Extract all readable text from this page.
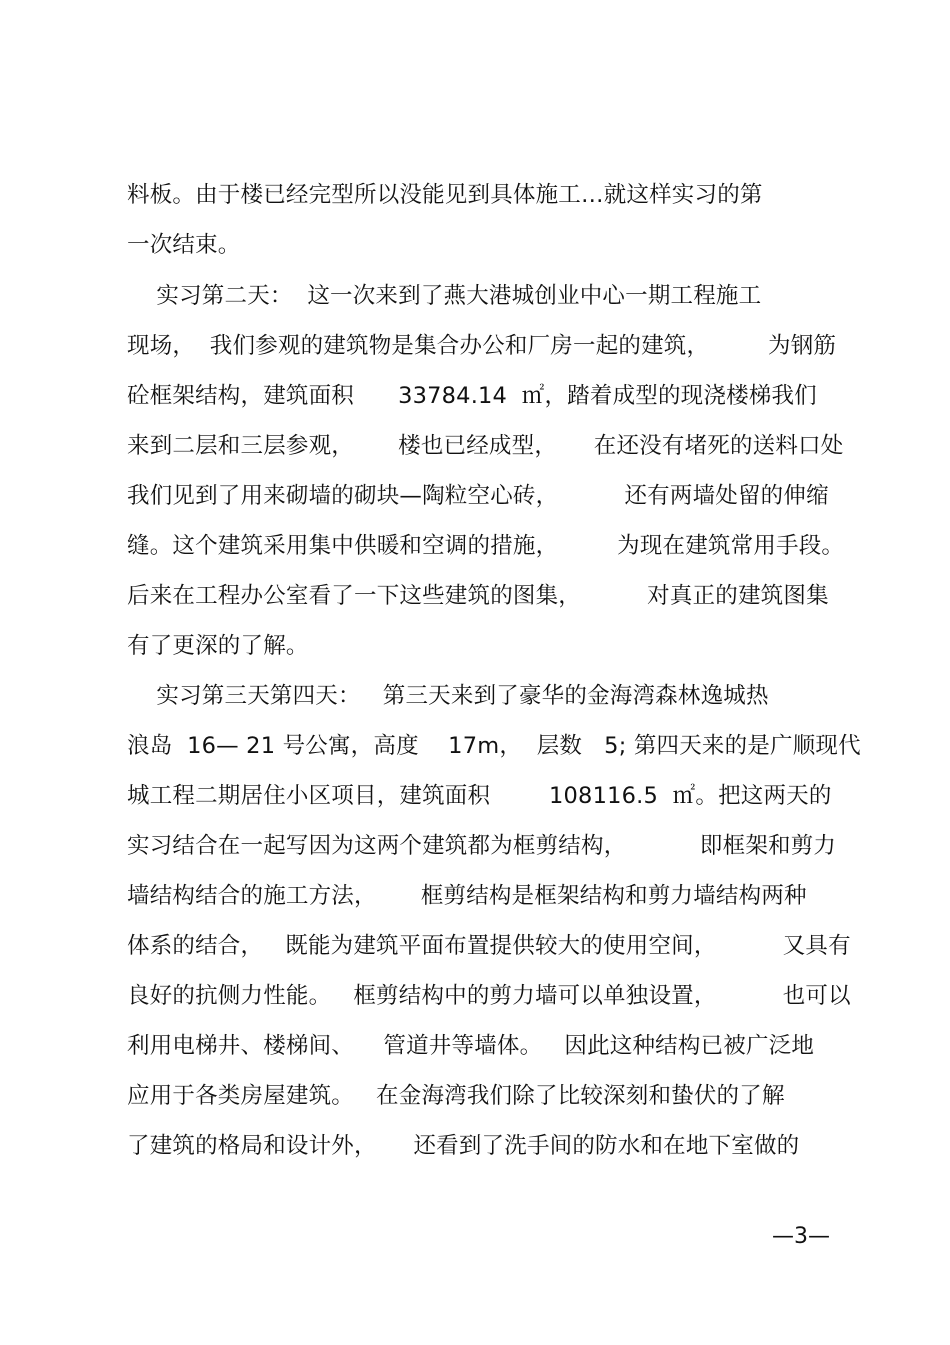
料板。由于楼已经完型所以没能见到具体施工…就这样实习的第
一次结束。
实习第二天：  这一次来到了燕大港城创业中心一期工程施工
现场，  我们参观的建筑物是集合办公和厂房一起的建筑，        为钢筋
砼框架结构，建筑面积      33784.14  ㎡，踏着成型的现浇楼梯我们
来到二层和三层参观，      楼也已经成型，     在还没有堵死的送料口处
我们见到了用来砌墙的砌块—陶粒空心砖，         还有两墙处留的伸缩
缝。这个建筑采用集中供暖和空调的措施，        为现在建筑常用手段。
后来在工程办公室看了一下这些建筑的图集，         对真正的建筑图集
有了更深的了解。
实习第三天第四天：   第三天来到了豪华的金海湾森林逸城热
浪岛  16— 21 号公寓，高度    17m，  层数   5; 第四天来的是广顺现代
城工程二期居住小区项目，建筑面积        108116.5  ㎡。把这两天的
实习结合在一起写因为这两个建筑都为框剪结构，          即框架和剪力
墙结构结合的施工方法，      框剪结构是框架结构和剪力墙结构两种
体系的结合，   既能为建筑平面布置提供较大的使用空间，         又具有
良好的抗侧力性能。   框剪结构中的剪力墙可以单独设置，         也可以
利用电梯井、楼梯间、    管道井等墙体。   因此这种结构已被广泛地
应用于各类房屋建筑。   在金海湾我们除了比较深刻和蛰伏的了解
了建筑的格局和设计外，     还看到了洗手间的防水和在地下室做的
—3—
